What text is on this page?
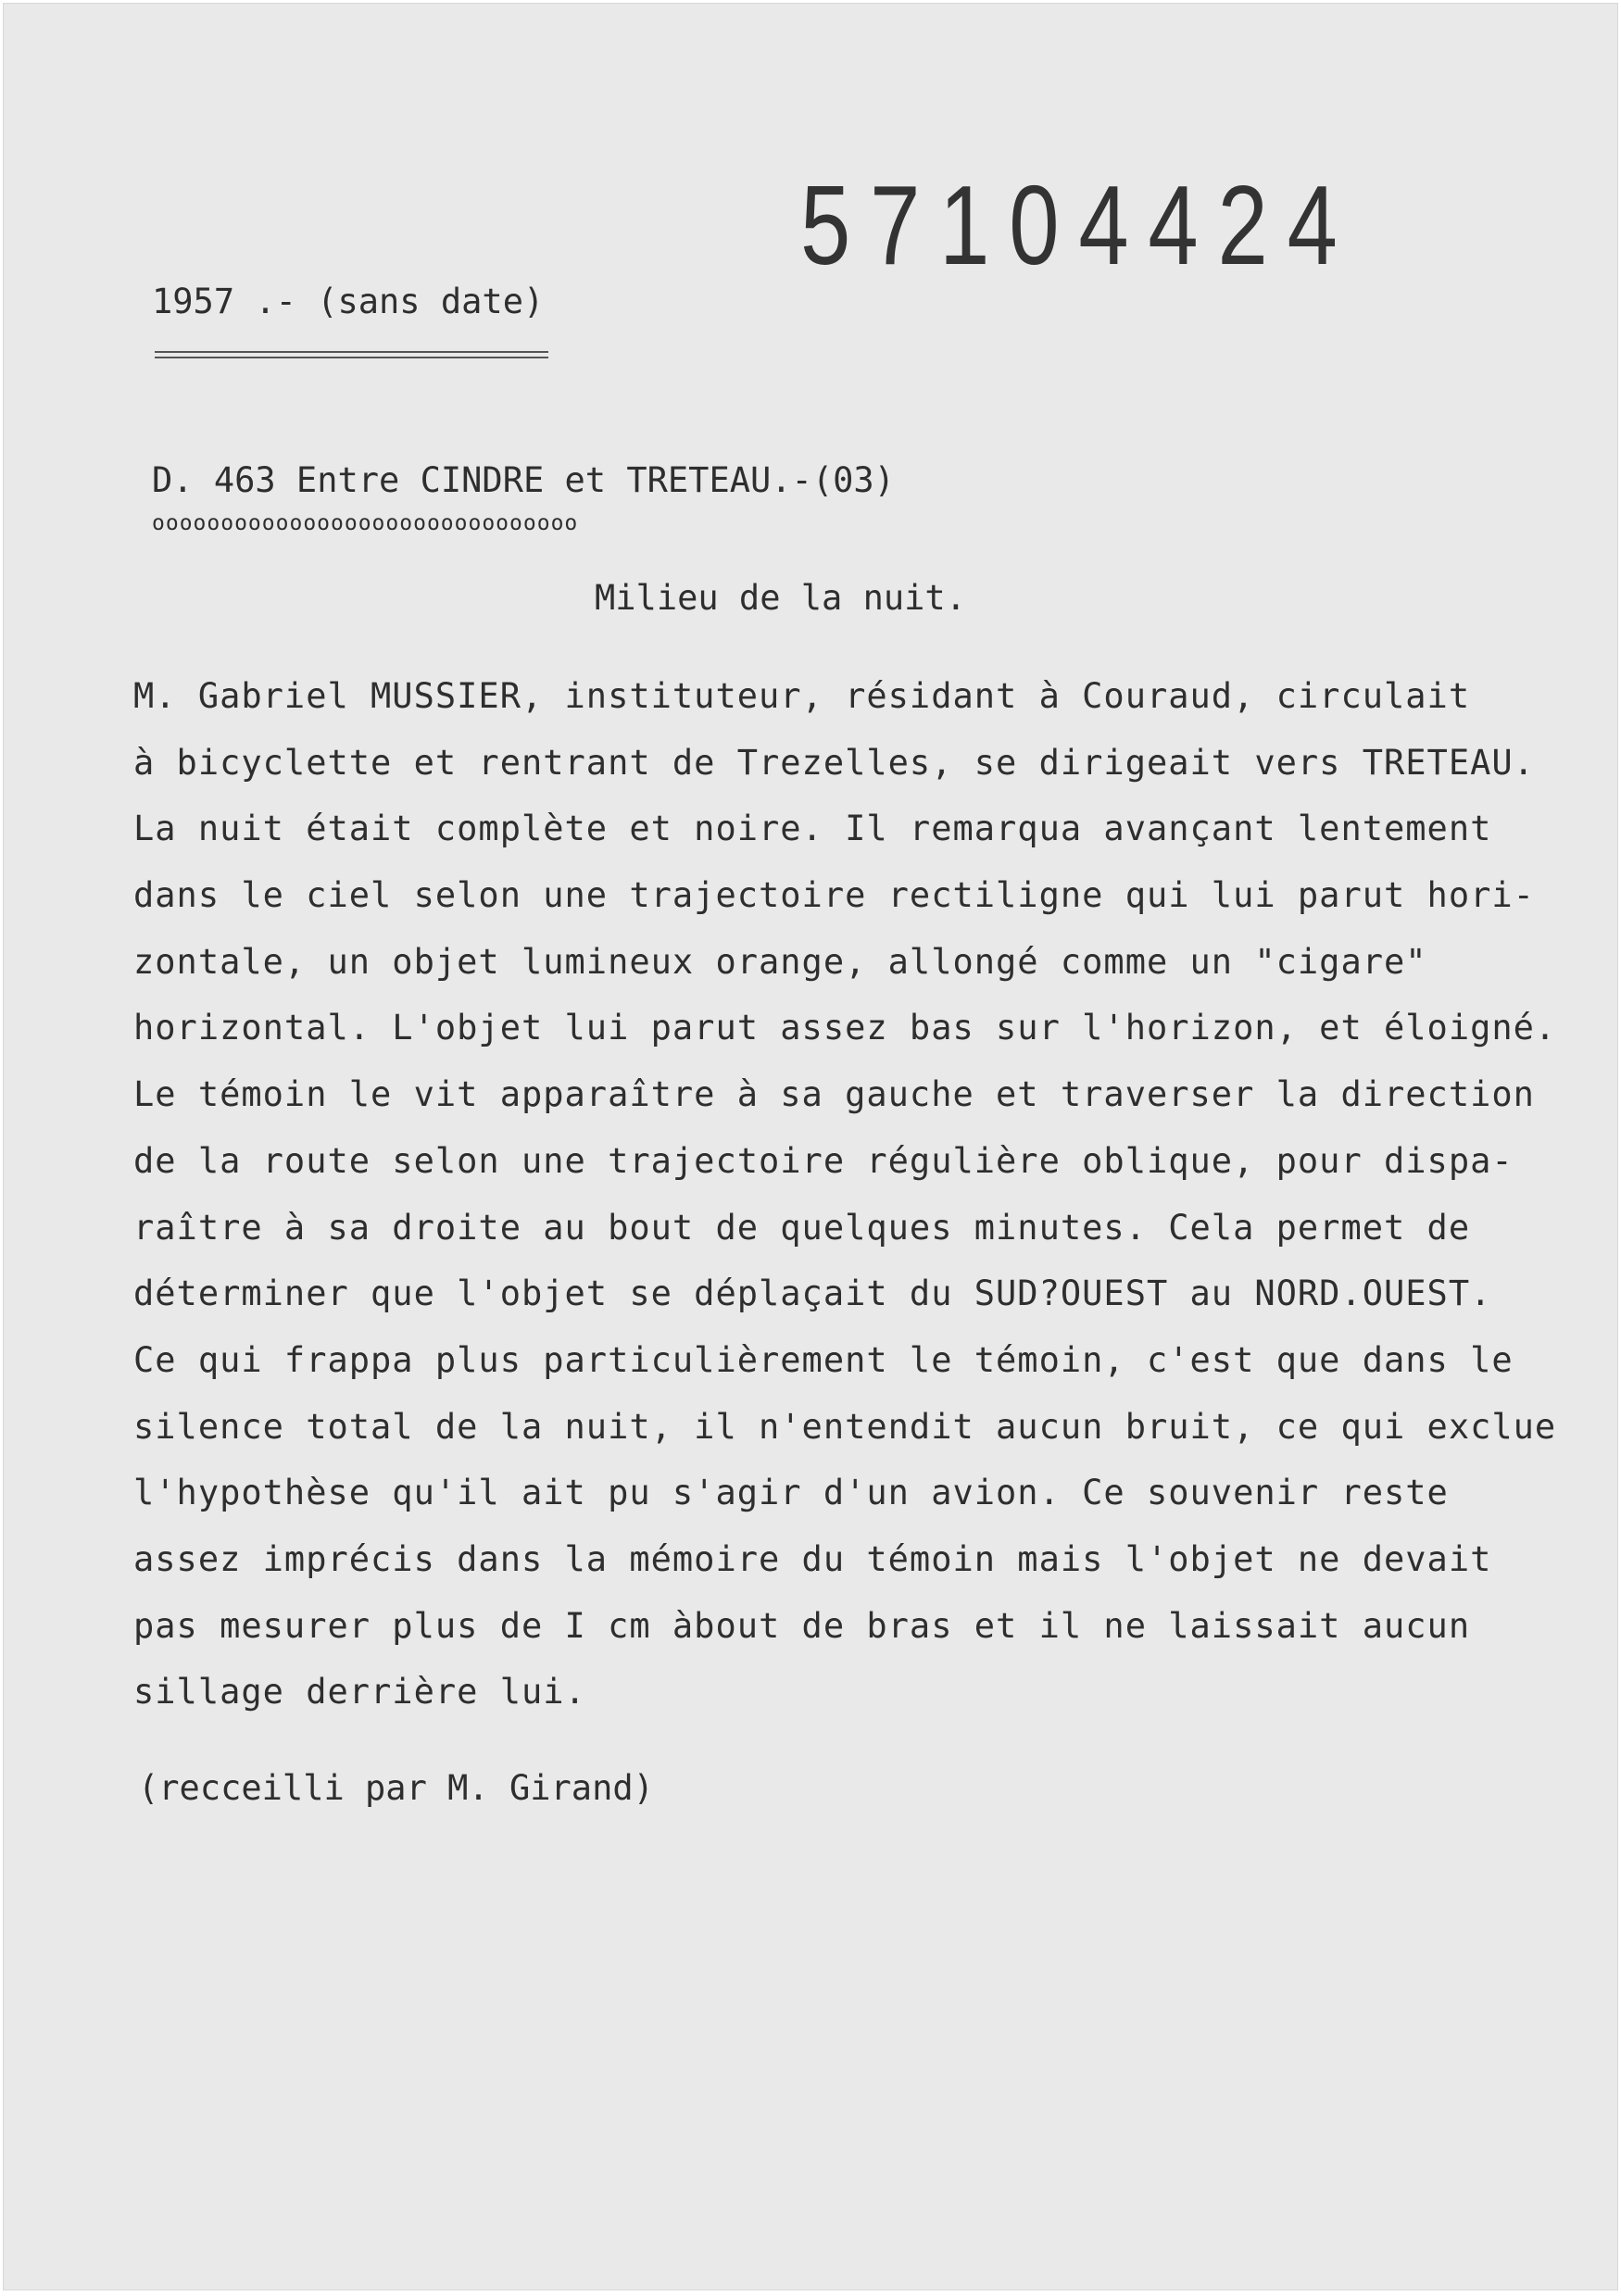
57104424
1957 .- (sans date)
D. 463 Entre CINDRE et TRETEAU.-(03)
ooooooooooooooooooooooooooooooo
Milieu de la nuit.
M. Gabriel MUSSIER, instituteur, résidant à Couraud, circulait
à bicyclette et rentrant de Trezelles, se dirigeait vers TRETEAU.
La nuit était complète et noire. Il remarqua avançant lentement
dans le ciel selon une trajectoire rectiligne qui lui parut hori-
zontale, un objet lumineux orange, allongé comme un "cigare"
horizontal. L'objet lui parut assez bas sur l'horizon, et éloigné.
Le témoin le vit apparaître à sa gauche et traverser la direction
de la route selon une trajectoire régulière oblique, pour dispa-
raître à sa droite au bout de quelques minutes. Cela permet de
déterminer que l'objet se déplaçait du SUD?OUEST au NORD.OUEST.
Ce qui frappa plus particulièrement le témoin, c'est que dans le
silence total de la nuit, il n'entendit aucun bruit, ce qui exclue
l'hypothèse qu'il ait pu s'agir d'un avion. Ce souvenir reste
assez imprécis dans la mémoire du témoin mais l'objet ne devait
pas mesurer plus de I cm àbout de bras et il ne laissait aucun
sillage derrière lui.
(recceilli par M. Girand)
